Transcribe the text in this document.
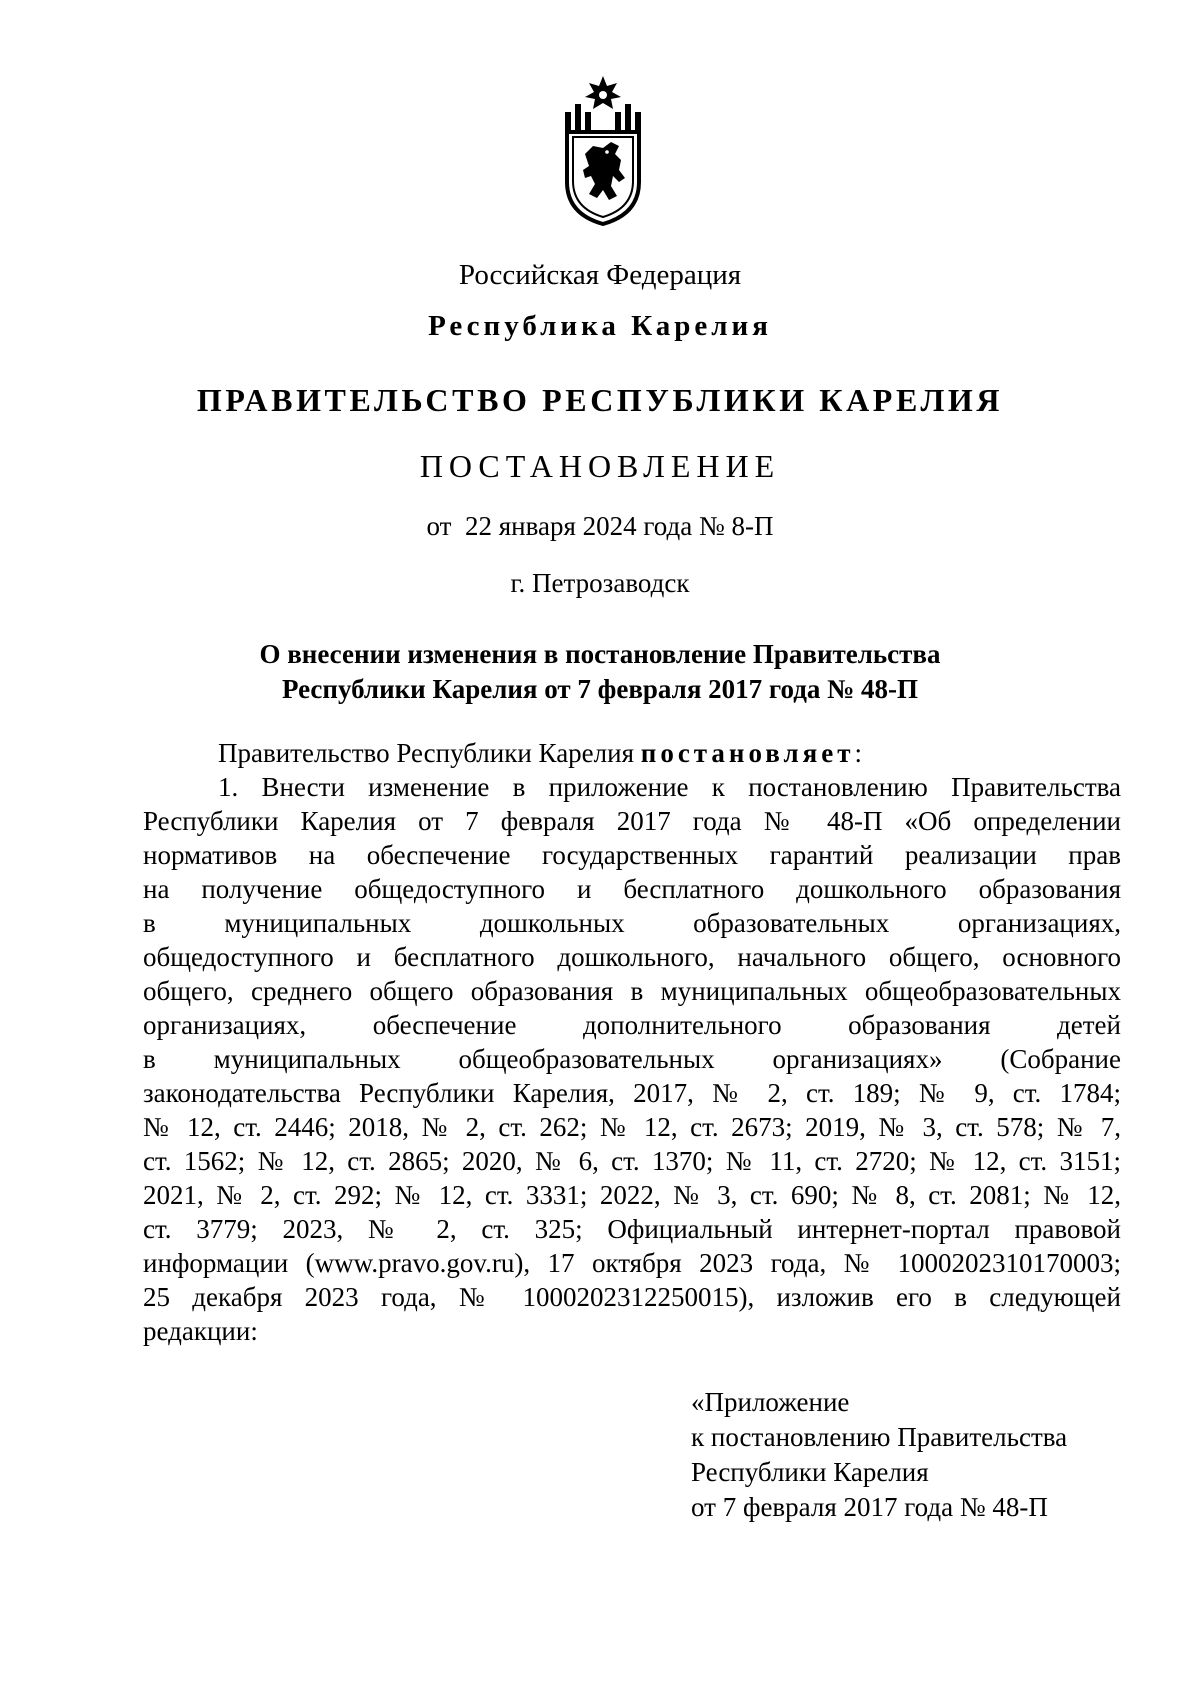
Российская Федерация
Республика Карелия
ПРАВИТЕЛЬСТВО РЕСПУБЛИКИ КАРЕЛИЯ
ПОСТАНОВЛЕНИЕ
от  22 января 2024 года № 8-П
г. Петрозаводск
О внесении изменения в постановление Правительства
Республики Карелия от 7 февраля 2017 года № 48-П
Правительство Республики Карелия постановляет:
1. Внести изменение в приложение к постановлению Правительства
Республики Карелия от 7 февраля 2017 года № 48-П «Об определении
нормативов на обеспечение государственных гарантий реализации прав
на получение общедоступного и бесплатного дошкольного образования
в муниципальных дошкольных образовательных организациях,
общедоступного и бесплатного дошкольного, начального общего, основного
общего, среднего общего образования в муниципальных общеобразовательных
организациях, обеспечение дополнительного образования детей
в муниципальных общеобразовательных организациях» (Собрание
законодательства Республики Карелия, 2017, № 2, ст. 189; № 9, ст. 1784;
№ 12, ст. 2446; 2018, № 2, ст. 262; № 12, ст. 2673; 2019, № 3, ст. 578; № 7,
ст. 1562; № 12, ст. 2865; 2020, № 6, ст. 1370; № 11, ст. 2720; № 12, ст. 3151;
2021, № 2, ст. 292; № 12, ст. 3331; 2022, № 3, ст. 690; № 8, ст. 2081; № 12,
ст. 3779; 2023, № 2, ст. 325; Официальный интернет-портал правовой
информации (www.pravo.gov.ru), 17 октября 2023 года, № 1000202310170003;
25 декабря 2023 года, № 1000202312250015), изложив его в следующей
редакции:
«Приложение
к постановлению Правительства
Республики Карелия
от 7 февраля 2017 года № 48-П
